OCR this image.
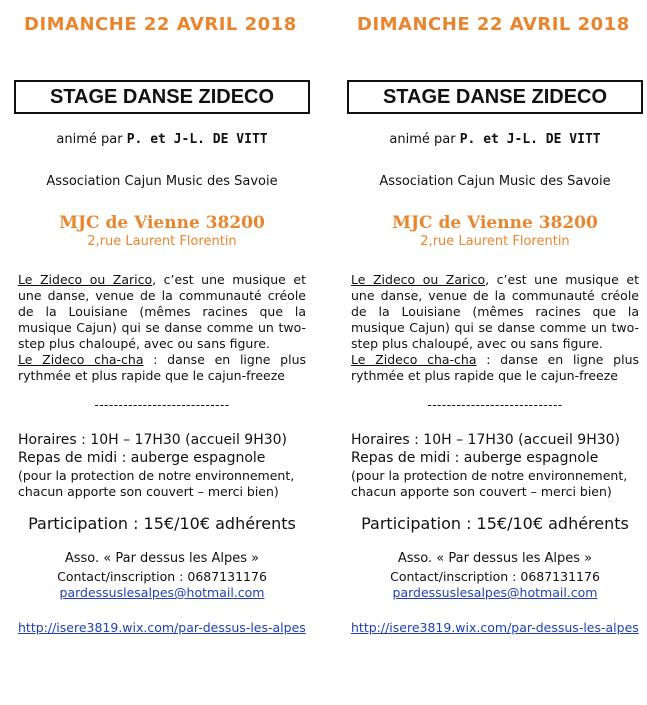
DIMANCHE 22 AVRIL 2018
STAGE DANSE ZIDECO
animé par P. et J-L. DE VITT
Association Cajun Music des Savoie
MJC de Vienne 38200
2,rue Laurent Florentin
Le Zideco ou Zarico, c’est une musique et une danse, venue de la communauté créole de la Louisiane (mêmes racines que la musique Cajun) qui se danse comme un two-step plus chaloupé, avec ou sans figure.
Le Zideco cha-cha : danse en ligne plus rythmée et plus rapide que le cajun-freeze
----------------------------
Horaires : 10H – 17H30 (accueil 9H30)
Repas de midi : auberge espagnole
(pour la protection de notre environnement,
chacun apporte son couvert – merci bien)
Participation : 15€/10€ adhérents
Asso. « Par dessus les Alpes »
Contact/inscription : 0687131176
pardessuslesalpes@hotmail.com
http://isere3819.wix.com/par-dessus-les-alpes
DIMANCHE 22 AVRIL 2018
STAGE DANSE ZIDECO
animé par P. et J-L. DE VITT
Association Cajun Music des Savoie
MJC de Vienne 38200
2,rue Laurent Florentin
Le Zideco ou Zarico, c’est une musique et une danse, venue de la communauté créole de la Louisiane (mêmes racines que la musique Cajun) qui se danse comme un two-step plus chaloupé, avec ou sans figure.
Le Zideco cha-cha : danse en ligne plus rythmée et plus rapide que le cajun-freeze
----------------------------
Horaires : 10H – 17H30 (accueil 9H30)
Repas de midi : auberge espagnole
(pour la protection de notre environnement,
chacun apporte son couvert – merci bien)
Participation : 15€/10€ adhérents
Asso. « Par dessus les Alpes »
Contact/inscription : 0687131176
pardessuslesalpes@hotmail.com
http://isere3819.wix.com/par-dessus-les-alpes
